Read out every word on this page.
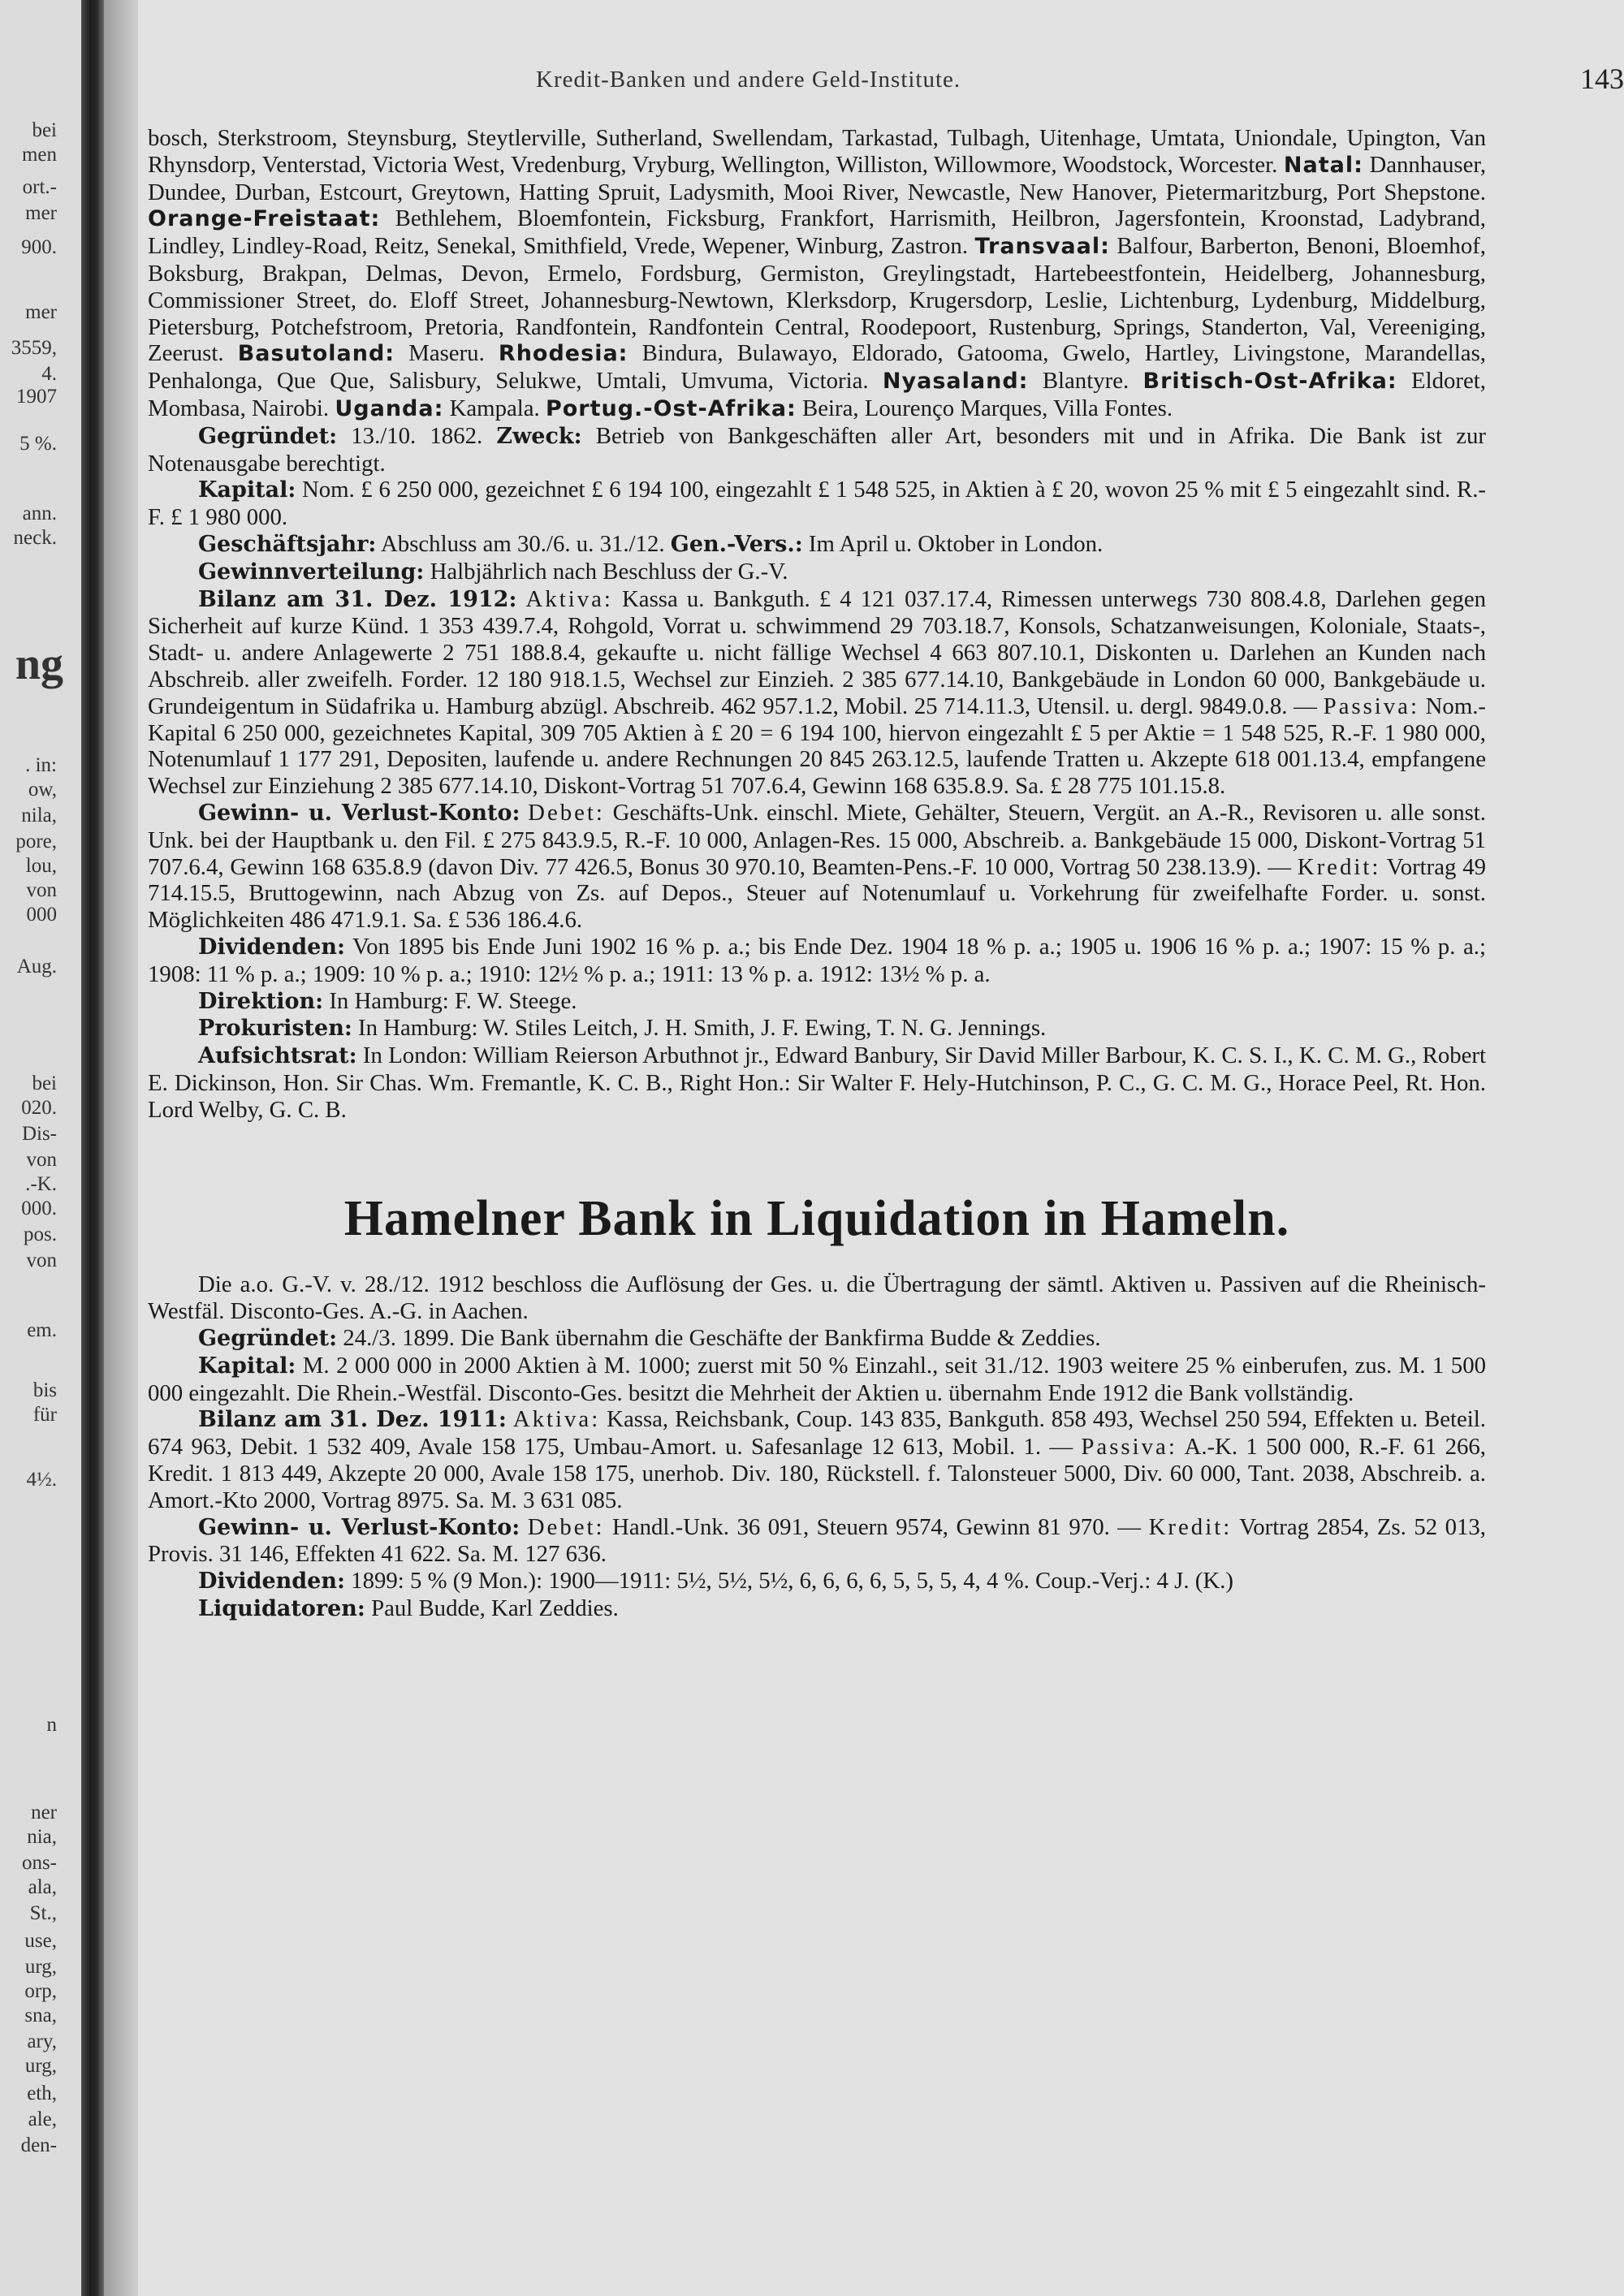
bei
men
ort.-
mer
900.
mer
3559,
4.
1907
5 %.
ann.
neck.
ng
. in:
ow,
nila,
pore,
lou,
von
000
Aug.
bei
020.
Dis-
von
.-K.
000.
pos.
von
em.
bis
für
4½.
n
ner
nia,
ons-
ala,
St.,
use,
urg,
orp,
sna,
ary,
urg,
eth,
ale,
den-
Kredit-Banken und andere Geld-Institute.	143

bosch, Sterkstroom, Steynsburg, Steytlerville, Sutherland, Swellendam, Tarkastad, Tulbagh, Uitenhage, Umtata, Uniondale, Upington, Van Rhynsdorp, Venterstad, Victoria West, Vredenburg, Vryburg, Wellington, Williston, Willowmore, Woodstock, Worcester. Natal: Dannhauser, Dundee, Durban, Estcourt, Greytown, Hatting Spruit, Ladysmith, Mooi River, Newcastle, New Hanover, Pietermaritzburg, Port Shepstone. Orange-Freistaat: Bethlehem, Bloemfontein, Ficksburg, Frankfort, Harrismith, Heilbron, Jagersfontein, Kroonstad, Ladybrand, Lindley, Lindley-Road, Reitz, Senekal, Smithfield, Vrede, Wepener, Winburg, Zastron. Transvaal: Balfour, Barberton, Benoni, Bloemhof, Boksburg, Brakpan, Delmas, Devon, Ermelo, Fordsburg, Germiston, Greylingstadt, Hartebeestfontein, Heidelberg, Johannesburg, Commissioner Street, do. Eloff Street, Johannesburg-Newtown, Klerksdorp, Krugersdorp, Leslie, Lichtenburg, Lydenburg, Middelburg, Pietersburg, Potchefstroom, Pretoria, Randfontein, Randfontein Central, Roodepoort, Rustenburg, Springs, Standerton, Val, Vereeniging, Zeerust. Basutoland: Maseru. Rhodesia: Bindura, Bulawayo, Eldorado, Gatooma, Gwelo, Hartley, Livingstone, Marandellas, Penhalonga, Que Que, Salisbury, Selukwe, Umtali, Umvuma, Victoria. Nyasaland: Blantyre. Britisch-Ost-Afrika: Eldoret, Mombasa, Nairobi. Uganda: Kampala. Portug.-Ost-Afrika: Beira, Lourenço Marques, Villa Fontes.

Gegründet: 13./10. 1862. Zweck: Betrieb von Bankgeschäften aller Art, besonders mit und in Afrika. Die Bank ist zur Notenausgabe berechtigt.

Kapital: Nom. £ 6 250 000, gezeichnet £ 6 194 100, eingezahlt £ 1 548 525, in Aktien à £ 20, wovon 25 % mit £ 5 eingezahlt sind. R.-F. £ 1 980 000.

Geschäftsjahr: Abschluss am 30./6. u. 31./12. Gen.-Vers.: Im April u. Oktober in London.

Gewinnverteilung: Halbjährlich nach Beschluss der G.-V.

Bilanz am 31. Dez. 1912: Aktiva: Kassa u. Bankguth. £ 4 121 037.17.4, Rimessen unterwegs 730 808.4.8, Darlehen gegen Sicherheit auf kurze Künd. 1 353 439.7.4, Rohgold, Vorrat u. schwimmend 29 703.18.7, Konsols, Schatzanweisungen, Koloniale, Staats-, Stadt- u. andere Anlagewerte 2 751 188.8.4, gekaufte u. nicht fällige Wechsel 4 663 807.10.1, Diskonten u. Darlehen an Kunden nach Abschreib. aller zweifelh. Forder. 12 180 918.1.5, Wechsel zur Einzieh. 2 385 677.14.10, Bankgebäude in London 60 000, Bankgebäude u. Grundeigentum in Südafrika u. Hamburg abzügl. Abschreib. 462 957.1.2, Mobil. 25 714.11.3, Utensil. u. dergl. 9849.0.8. — Passiva: Nom.-Kapital 6 250 000, gezeichnetes Kapital, 309 705 Aktien à £ 20 = 6 194 100, hiervon eingezahlt £ 5 per Aktie = 1 548 525, R.-F. 1 980 000, Notenumlauf 1 177 291, Depositen, laufende u. andere Rechnungen 20 845 263.12.5, laufende Tratten u. Akzepte 618 001.13.4, empfangene Wechsel zur Einziehung 2 385 677.14.10, Diskont-Vortrag 51 707.6.4, Gewinn 168 635.8.9. Sa. £ 28 775 101.15.8.

Gewinn- u. Verlust-Konto: Debet: Geschäfts-Unk. einschl. Miete, Gehälter, Steuern, Vergüt. an A.-R., Revisoren u. alle sonst. Unk. bei der Hauptbank u. den Fil. £ 275 843.9.5, R.-F. 10 000, Anlagen-Res. 15 000, Abschreib. a. Bankgebäude 15 000, Diskont-Vortrag 51 707.6.4, Gewinn 168 635.8.9 (davon Div. 77 426.5, Bonus 30 970.10, Beamten-Pens.-F. 10 000, Vortrag 50 238.13.9). — Kredit: Vortrag 49 714.15.5, Bruttogewinn, nach Abzug von Zs. auf Depos., Steuer auf Notenumlauf u. Vorkehrung für zweifelhafte Forder. u. sonst. Möglichkeiten 486 471.9.1. Sa. £ 536 186.4.6.

Dividenden: Von 1895 bis Ende Juni 1902 16 % p. a.; bis Ende Dez. 1904 18 % p. a.; 1905 u. 1906 16 % p. a.; 1907: 15 % p. a.; 1908: 11 % p. a.; 1909: 10 % p. a.; 1910: 12½ % p. a.; 1911: 13 % p. a. 1912: 13½ % p. a.

Direktion: In Hamburg: F. W. Steege.

Prokuristen: In Hamburg: W. Stiles Leitch, J. H. Smith, J. F. Ewing, T. N. G. Jennings.

Aufsichtsrat: In London: William Reierson Arbuthnot jr., Edward Banbury, Sir David Miller Barbour, K. C. S. I., K. C. M. G., Robert E. Dickinson, Hon. Sir Chas. Wm. Fremantle, K. C. B., Right Hon.: Sir Walter F. Hely-Hutchinson, P. C., G. C. M. G., Horace Peel, Rt. Hon. Lord Welby, G. C. B.

Hamelner Bank in Liquidation in Hameln.

Die a.o. G.-V. v. 28./12. 1912 beschloss die Auflösung der Ges. u. die Übertragung der sämtl. Aktiven u. Passiven auf die Rheinisch-Westfäl. Disconto-Ges. A.-G. in Aachen.

Gegründet: 24./3. 1899. Die Bank übernahm die Geschäfte der Bankfirma Budde & Zeddies.

Kapital: M. 2 000 000 in 2000 Aktien à M. 1000; zuerst mit 50 % Einzahl., seit 31./12. 1903 weitere 25 % einberufen, zus. M. 1 500 000 eingezahlt. Die Rhein.-Westfäl. Disconto-Ges. besitzt die Mehrheit der Aktien u. übernahm Ende 1912 die Bank vollständig.

Bilanz am 31. Dez. 1911: Aktiva: Kassa, Reichsbank, Coup. 143 835, Bankguth. 858 493, Wechsel 250 594, Effekten u. Beteil. 674 963, Debit. 1 532 409, Avale 158 175, Umbau-Amort. u. Safesanlage 12 613, Mobil. 1. — Passiva: A.-K. 1 500 000, R.-F. 61 266, Kredit. 1 813 449, Akzepte 20 000, Avale 158 175, unerhob. Div. 180, Rückstell. f. Talonsteuer 5000, Div. 60 000, Tant. 2038, Abschreib. a. Amort.-Kto 2000, Vortrag 8975. Sa. M. 3 631 085.

Gewinn- u. Verlust-Konto: Debet: Handl.-Unk. 36 091, Steuern 9574, Gewinn 81 970. — Kredit: Vortrag 2854, Zs. 52 013, Provis. 31 146, Effekten 41 622. Sa. M. 127 636.

Dividenden: 1899: 5 % (9 Mon.): 1900—1911: 5½, 5½, 5½, 6, 6, 6, 6, 5, 5, 5, 4, 4 %. Coup.-Verj.: 4 J. (K.)

Liquidatoren: Paul Budde, Karl Zeddies.
